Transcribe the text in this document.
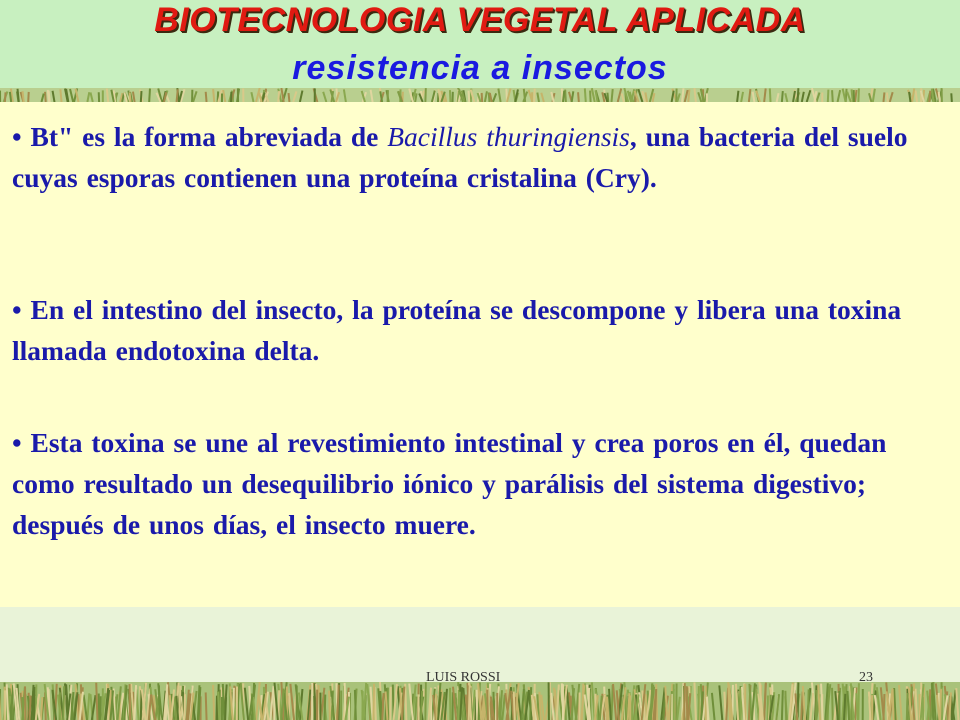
BIOTECNOLOGIA VEGETAL APLICADA
resistencia a insectos

• Bt" es la forma abreviada de Bacillus thuringiensis, una bacteria del suelo cuyas esporas contienen una proteína cristalina (Cry).

• En el intestino del insecto, la proteína se descompone y libera una toxina llamada endotoxina delta.

• Esta toxina se une al revestimiento intestinal y crea poros en él, quedan como resultado un desequilibrio iónico y parálisis del sistema digestivo; después de unos días, el insecto muere.

LUIS ROSSI	23
